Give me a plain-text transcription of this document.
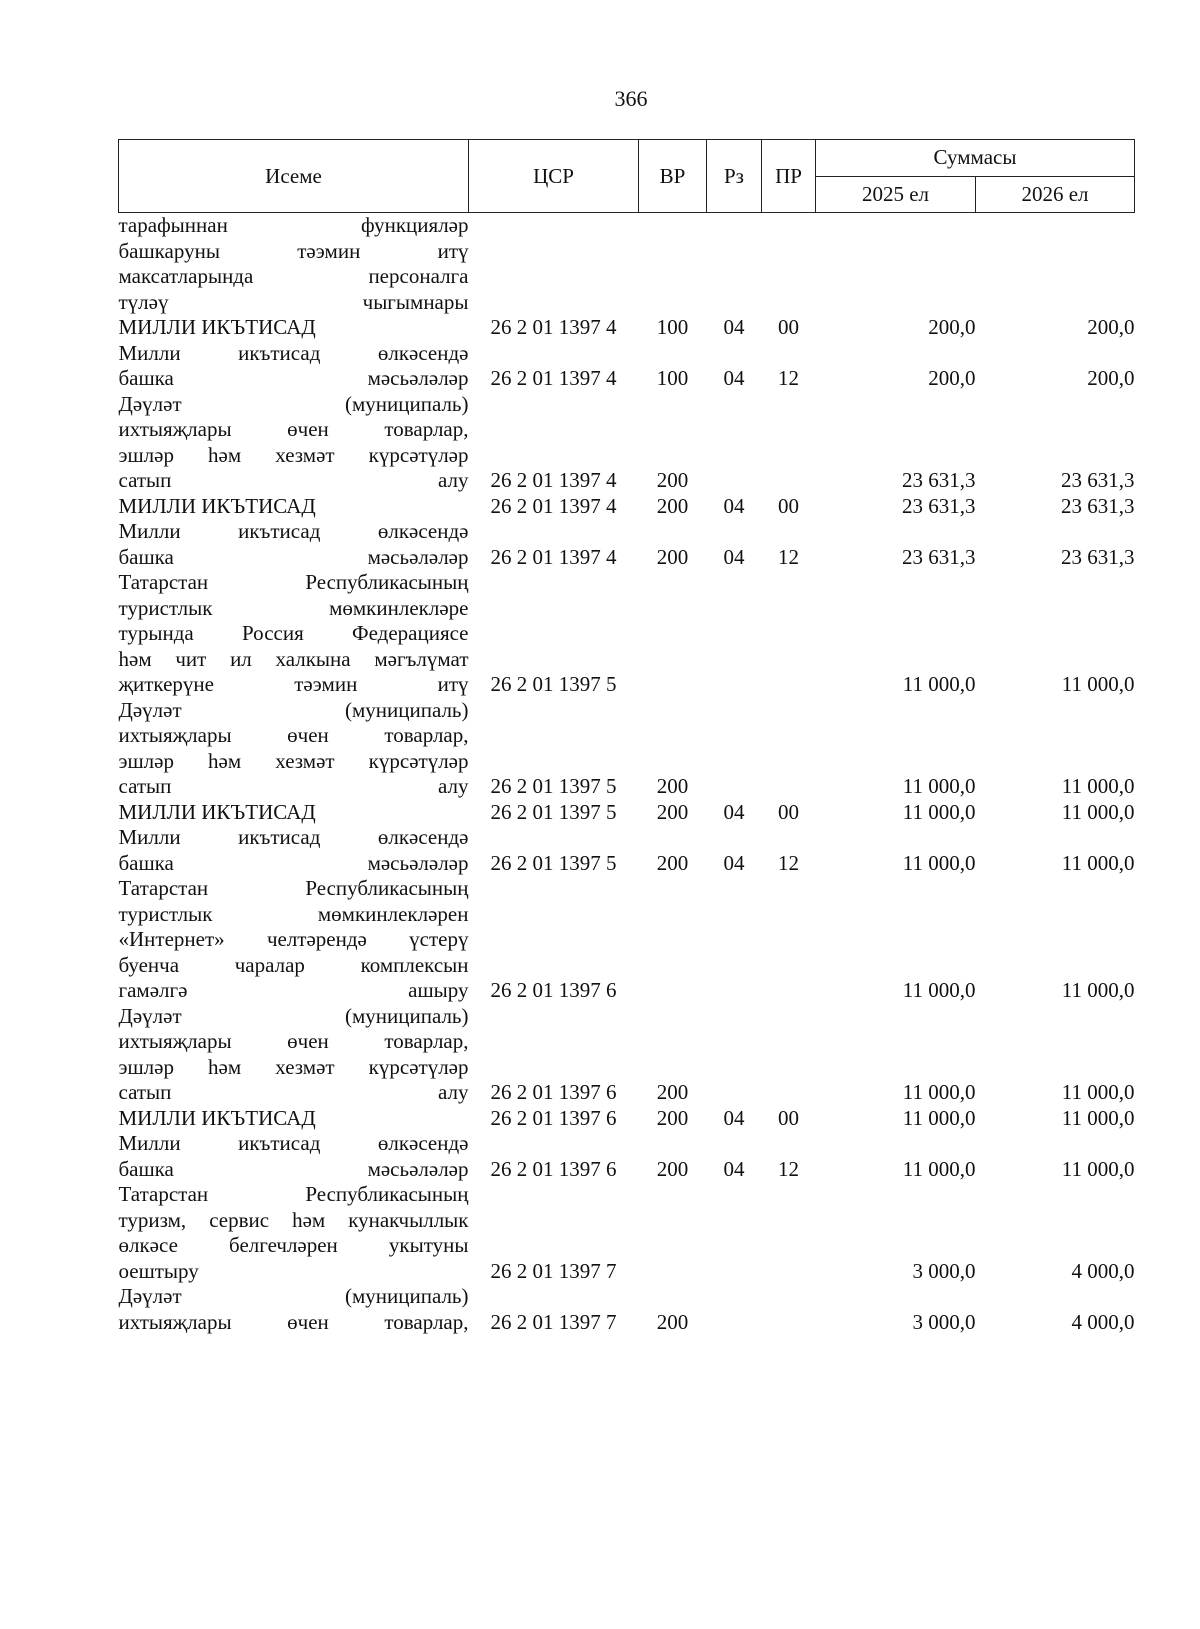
366
Исеме	ЦСР	ВР	Рз	ПР	Суммасы	
					2025 ел	2026 ел

тарафыннан функцияләр
башкаруны тәэмин итү
максатларында персоналга
түләү чыгымнары						

МИЛЛИ ИКЪТИСАД	26 2 01 1397 4	100	04	00	200,0	200,0

Милли икътисад өлкәсендә
башка мәсьәләләр	26 2 01 1397 4	100	04	12	200,0	200,0

Дәүләт (муниципаль)
ихтыяҗлары өчен товарлар,
эшләр һәм хезмәт күрсәтүләр
сатып алу	26 2 01 1397 4	200			23 631,3	23 631,3

МИЛЛИ ИКЪТИСАД	26 2 01 1397 4	200	04	00	23 631,3	23 631,3

Милли икътисад өлкәсендә
башка мәсьәләләр	26 2 01 1397 4	200	04	12	23 631,3	23 631,3

Татарстан Республикасының
туристлык мөмкинлекләре
турында Россия Федерациясе
һәм чит ил халкына мәгълүмат
җиткерүне тәэмин итү	26 2 01 1397 5				11 000,0	11 000,0

Дәүләт (муниципаль)
ихтыяҗлары өчен товарлар,
эшләр һәм хезмәт күрсәтүләр
сатып алу	26 2 01 1397 5	200			11 000,0	11 000,0

МИЛЛИ ИКЪТИСАД	26 2 01 1397 5	200	04	00	11 000,0	11 000,0

Милли икътисад өлкәсендә
башка мәсьәләләр	26 2 01 1397 5	200	04	12	11 000,0	11 000,0

Татарстан Республикасының
туристлык мөмкинлекләрен
«Интернет» челтәрендә үстерү
буенча чаралар комплексын
гамәлгә ашыру	26 2 01 1397 6				11 000,0	11 000,0

Дәүләт (муниципаль)
ихтыяҗлары өчен товарлар,
эшләр һәм хезмәт күрсәтүләр
сатып алу	26 2 01 1397 6	200			11 000,0	11 000,0

МИЛЛИ ИКЪТИСАД	26 2 01 1397 6	200	04	00	11 000,0	11 000,0

Милли икътисад өлкәсендә
башка мәсьәләләр	26 2 01 1397 6	200	04	12	11 000,0	11 000,0

Татарстан Республикасының
туризм, сервис һәм кунакчыллык
өлкәсе белгечләрен укытуны
оештыру	26 2 01 1397 7				3 000,0	4 000,0

Дәүләт (муниципаль)
ихтыяҗлары өчен товарлар,	26 2 01 1397 7	200			3 000,0	4 000,0
